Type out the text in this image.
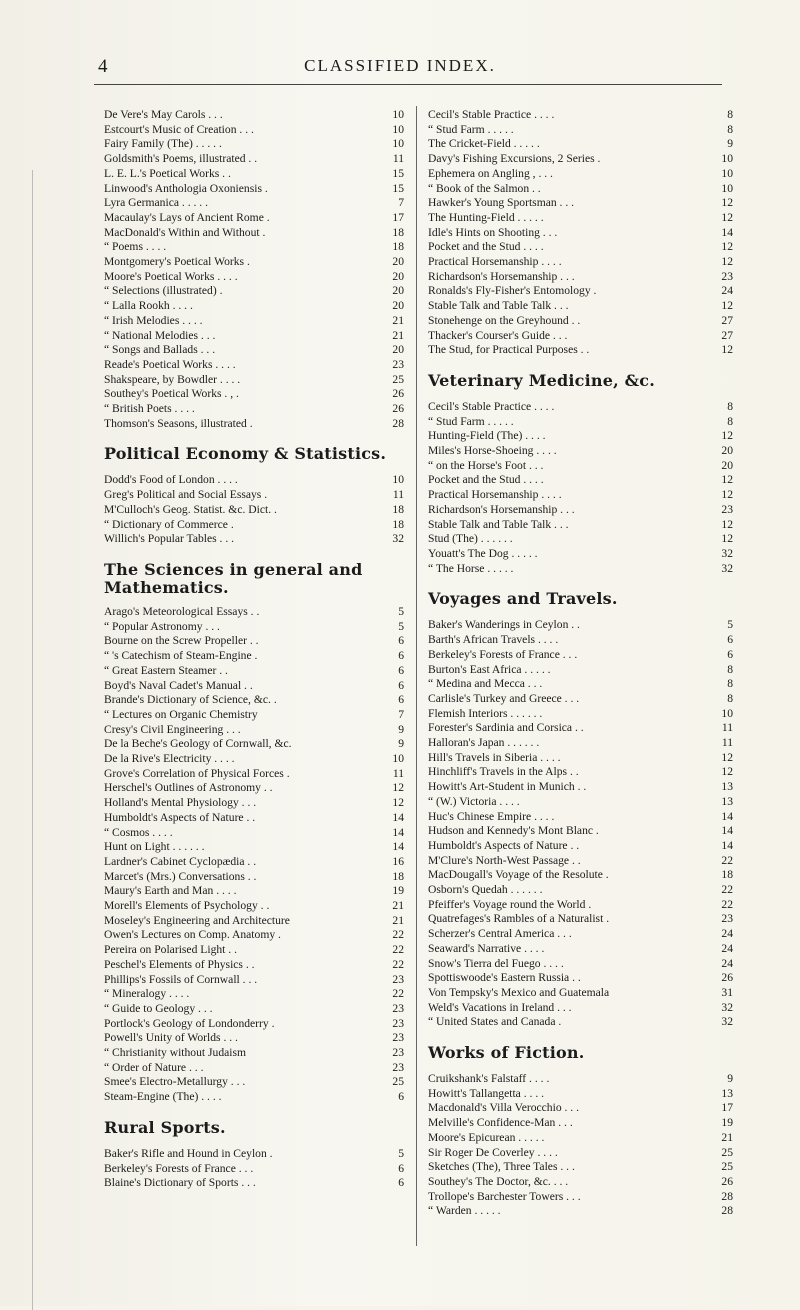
4	CLASSIFIED INDEX.
De Vere's May Carols . . .	10
Estcourt's Music of Creation . . .	10
Fairy Family (The) . . . . .	10
Goldsmith's Poems, illustrated . .	11
L. E. L.'s Poetical Works . .	15
Linwood's Anthologia Oxoniensis .	15
Lyra Germanica . . . . .	7
Macaulay's Lays of Ancient Rome .	17
MacDonald's Within and Without .	18
“ Poems . . . .	18
Montgomery's Poetical Works .	20
Moore's Poetical Works . . . .	20
“ Selections (illustrated) .	20
“ Lalla Rookh . . . .	20
“ Irish Melodies . . . .	21
“ National Melodies . . .	21
“ Songs and Ballads . . .	20
Reade's Poetical Works . . . .	23
Shakspeare, by Bowdler . . . .	25
Southey's Poetical Works . , .	26
“ British Poets . . . .	26
Thomson's Seasons, illustrated .	28
Political Economy & Statistics.
Dodd's Food of London . . . .	10
Greg's Political and Social Essays .	11
M'Culloch's Geog. Statist. &c. Dict. .	18
“ Dictionary of Commerce .	18
Willich's Popular Tables . . .	32
The Sciences in general and
Mathematics.
Arago's Meteorological Essays . .	5
“ Popular Astronomy . . .	5
Bourne on the Screw Propeller . .	6
“ 's Catechism of Steam-Engine .	6
“ Great Eastern Steamer . .	6
Boyd's Naval Cadet's Manual . .	6
Brande's Dictionary of Science, &c. .	6
“ Lectures on Organic Chemistry	7
Cresy's Civil Engineering . . .	9
De la Beche's Geology of Cornwall, &c.	9
De la Rive's Electricity . . . .	10
Grove's Correlation of Physical Forces .	11
Herschel's Outlines of Astronomy . .	12
Holland's Mental Physiology . . .	12
Humboldt's Aspects of Nature . .	14
“ Cosmos . . . .	14
Hunt on Light . . . . . .	14
Lardner's Cabinet Cyclopædia . .	16
Marcet's (Mrs.) Conversations . .	18
Maury's Earth and Man . . . .	19
Morell's Elements of Psychology . .	21
Moseley's Engineering and Architecture	21
Owen's Lectures on Comp. Anatomy .	22
Pereira on Polarised Light . .	22
Peschel's Elements of Physics . .	22
Phillips's Fossils of Cornwall . . .	23
“ Mineralogy . . . .	22
“ Guide to Geology . . .	23
Portlock's Geology of Londonderry .	23
Powell's Unity of Worlds . . .	23
“ Christianity without Judaism	23
“ Order of Nature . . .	23
Smee's Electro-Metallurgy . . .	25
Steam-Engine (The) . . . .	6
Rural Sports.
Baker's Rifle and Hound in Ceylon .	5
Berkeley's Forests of France . . .	6
Blaine's Dictionary of Sports . . .	6
Cecil's Stable Practice . . . .	8
“ Stud Farm . . . . .	8
The Cricket-Field . . . . .	9
Davy's Fishing Excursions, 2 Series .	10
Ephemera on Angling , . . .	10
“ Book of the Salmon . .	10
Hawker's Young Sportsman . . .	12
The Hunting-Field . . . . .	12
Idle's Hints on Shooting . . .	14
Pocket and the Stud . . . .	12
Practical Horsemanship . . . .	12
Richardson's Horsemanship . . .	23
Ronalds's Fly-Fisher's Entomology .	24
Stable Talk and Table Talk . . .	12
Stonehenge on the Greyhound . .	27
Thacker's Courser's Guide . . .	27
The Stud, for Practical Purposes . .	12
Veterinary Medicine, &c.
Cecil's Stable Practice . . . .	8
“ Stud Farm . . . . .	8
Hunting-Field (The) . . . .	12
Miles's Horse-Shoeing . . . .	20
“ on the Horse's Foot . . .	20
Pocket and the Stud . . . .	12
Practical Horsemanship . . . .	12
Richardson's Horsemanship . . .	23
Stable Talk and Table Talk . . .	12
Stud (The) . . . . . .	12
Youatt's The Dog . . . . .	32
“ The Horse . . . . .	32
Voyages and Travels.
Baker's Wanderings in Ceylon . .	5
Barth's African Travels . . . .	6
Berkeley's Forests of France . . .	6
Burton's East Africa . . . . .	8
“ Medina and Mecca . . .	8
Carlisle's Turkey and Greece . . .	8
Flemish Interiors . . . . . .	10
Forester's Sardinia and Corsica . .	11
Halloran's Japan . . . . . .	11
Hill's Travels in Siberia . . . .	12
Hinchliff's Travels in the Alps . .	12
Howitt's Art-Student in Munich . .	13
“ (W.) Victoria . . . .	13
Huc's Chinese Empire . . . .	14
Hudson and Kennedy's Mont Blanc .	14
Humboldt's Aspects of Nature . .	14
M'Clure's North-West Passage . .	22
MacDougall's Voyage of the Resolute .	18
Osborn's Quedah . . . . . .	22
Pfeiffer's Voyage round the World .	22
Quatrefages's Rambles of a Naturalist .	23
Scherzer's Central America . . .	24
Seaward's Narrative . . . .	24
Snow's Tierra del Fuego . . . .	24
Spottiswoode's Eastern Russia . .	26
Von Tempsky's Mexico and Guatemala	31
Weld's Vacations in Ireland . . .	32
“ United States and Canada .	32
Works of Fiction.
Cruikshank's Falstaff . . . .	9
Howitt's Tallangetta . . . .	13
Macdonald's Villa Verocchio . . .	17
Melville's Confidence-Man . . .	19
Moore's Epicurean . . . . .	21
Sir Roger De Coverley . . . .	25
Sketches (The), Three Tales . . .	25
Southey's The Doctor, &c. . . .	26
Trollope's Barchester Towers . . .	28
“ Warden . . . . .	28
